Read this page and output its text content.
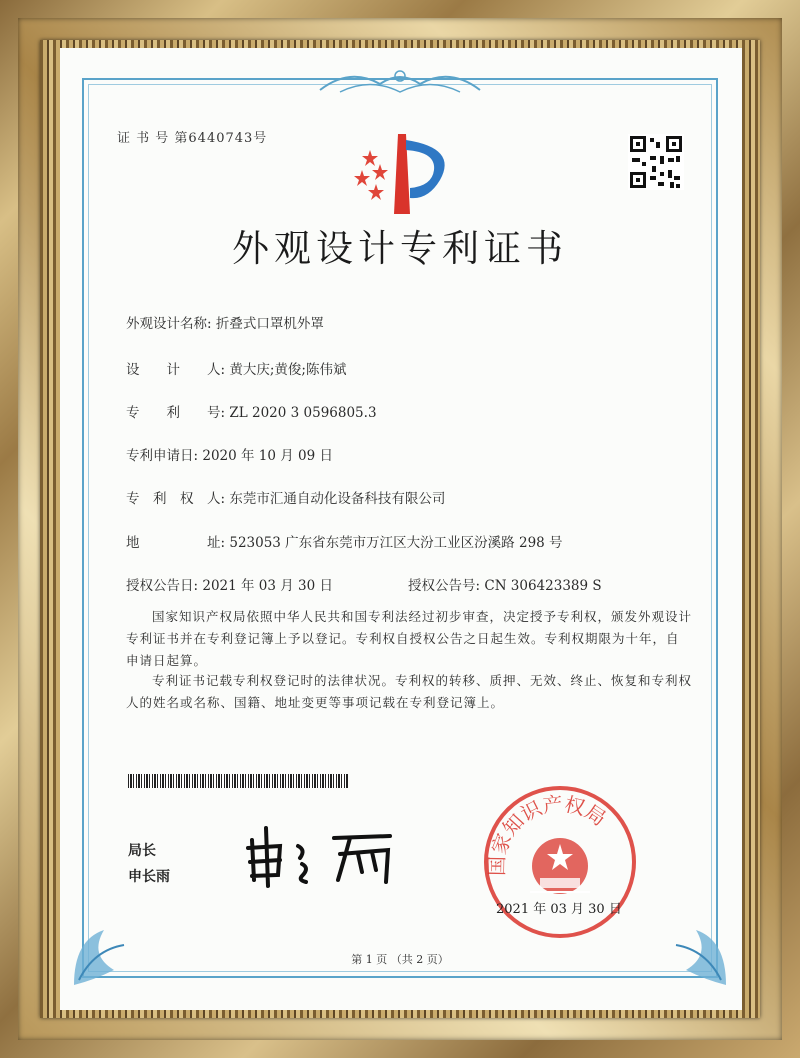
证 书 号 第6440743号
外观设计专利证书
外观设计名称: 折叠式口罩机外罩
设　　计　　人: 黄大庆;黄俊;陈伟斌
专　　利　　号: ZL 2020 3 0596805.3
专利申请日: 2020 年 10 月 09 日
专　利　权　人: 东莞市汇通自动化设备科技有限公司
地　　　　　址: 523053 广东省东莞市万江区大汾工业区汾溪路 298 号
授权公告日: 2021 年 03 月 30 日	授权公告号: CN 306423389 S
国家知识产权局依照中华人民共和国专利法经过初步审查，决定授予专利权，颁发外观设计专利证书并在专利登记簿上予以登记。专利权自授权公告之日起生效。专利权期限为十年，自申请日起算。
专利证书记载专利权登记时的法律状况。专利权的转移、质押、无效、终止、恢复和专利权人的姓名或名称、国籍、地址变更等事项记载在专利登记簿上。
局长
申长雨
国家知识产权局
2021 年 03 月 30 日
第 1 页 （共 2 页）
